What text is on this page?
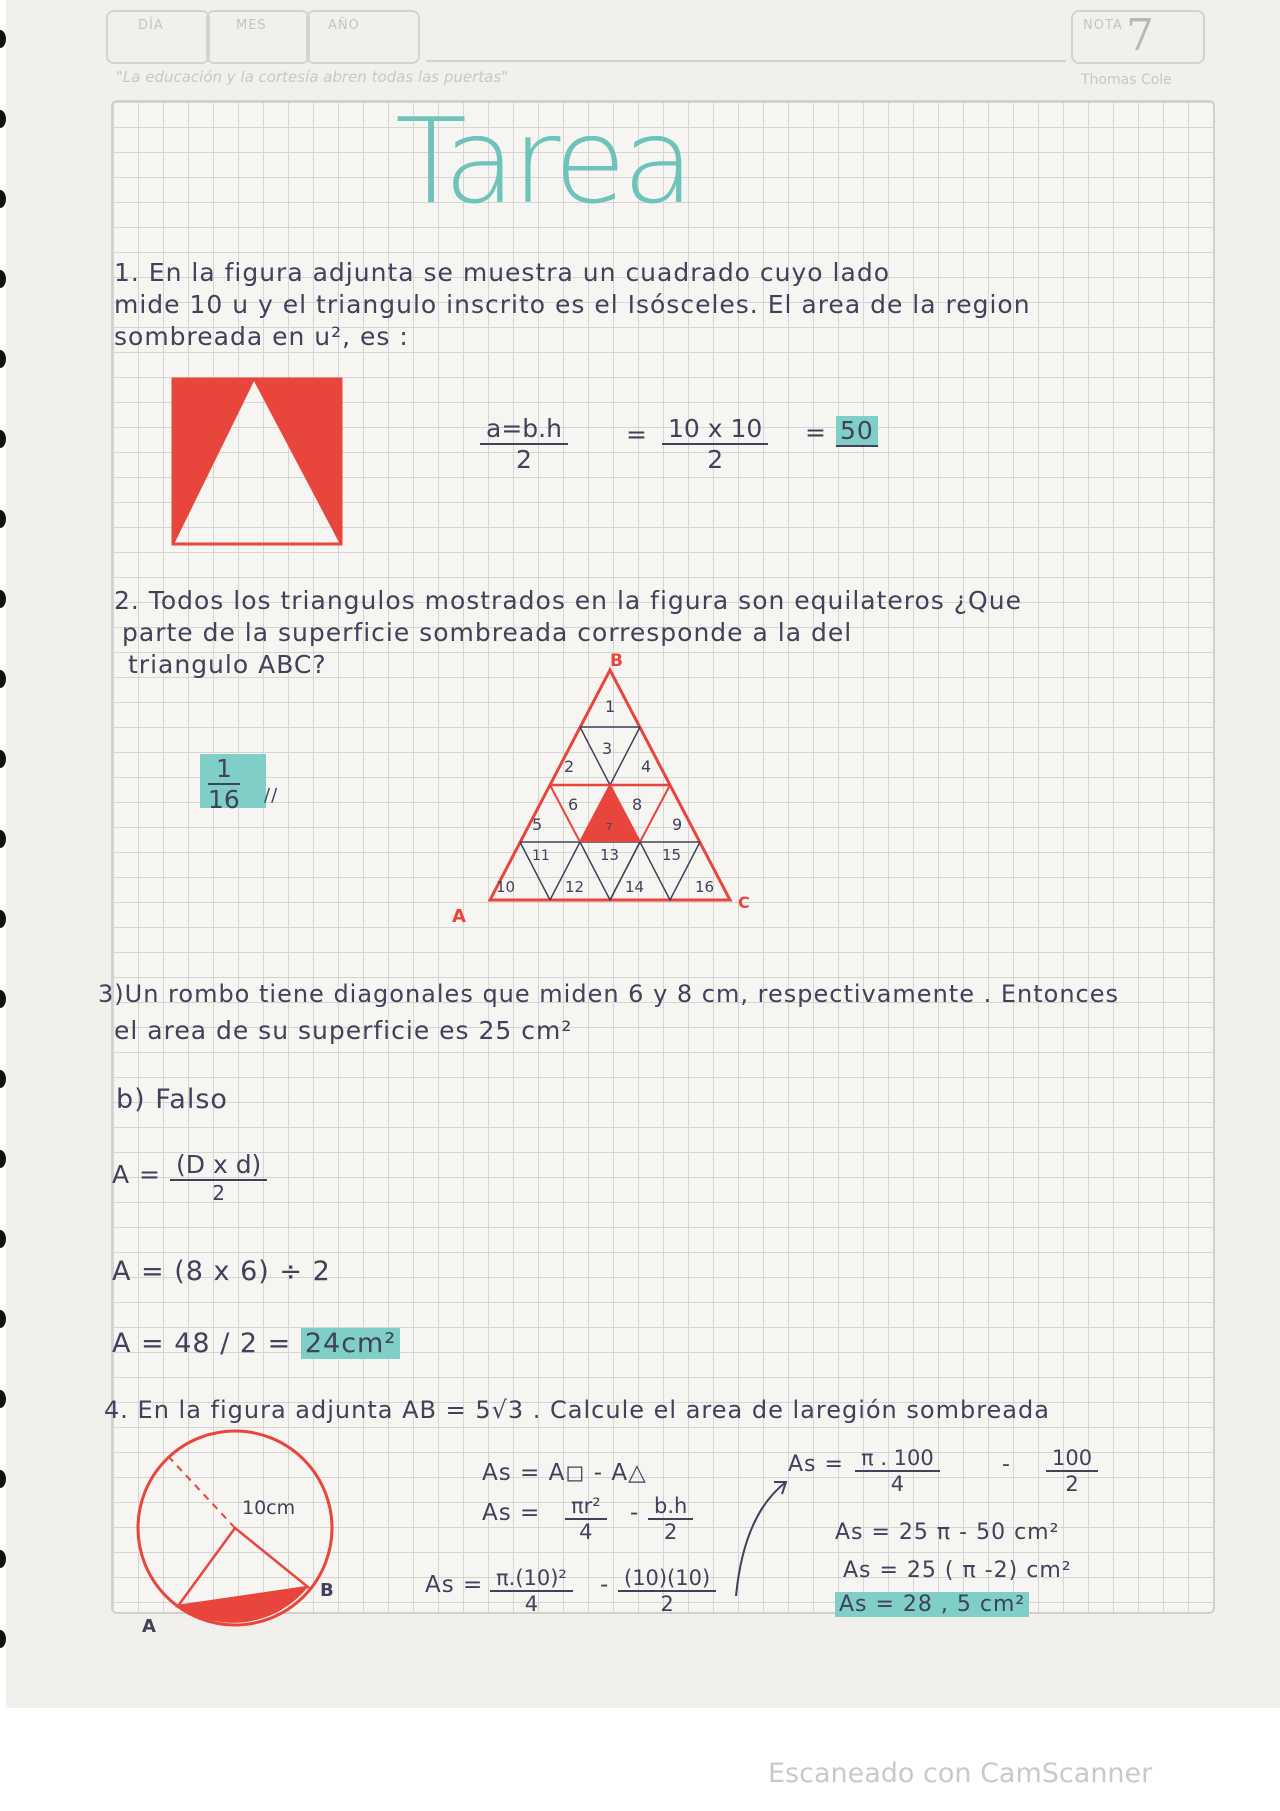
DÍA	MES	AÑO	NOTA 7
"La educación y la cortesía abren todas las puertas"	Thomas Cole
Tarea
1. En la figura adjunta se muestra un cuadrado cuyo lado
mide 10 u y el triangulo inscrito es el Isósceles. El area de la region
sombreada en u², es :
$\frac{a=b.h}{2} = \frac{10 x 10}{2} = 50$
2. Todos los triangulos mostrados en la figura son equilateros ¿Que
parte de la superficie sombreada corresponde a la del
triangulo ABC?
$\frac{1}{16}$ //
1
2
3
4
5
6
7
8
9
10
11
12
13
14
15
16
A
B
C
3)Un rombo tiene diagonales que miden 6 y 8 cm, respectivamente . Entonces
el area de su superficie es 25 cm²
b) Falso
A = (D x d)
2
A = (8 x 6) ÷ 2
A = 48 / 2 = 24cm²
4. En la figura adjunta AB = 5√3 . Calcule el area de laregión sombreada
10cm
A
B
As = A◻ - A△
$As = \frac{\text{πr²}}{4} - \frac{b.h}{2}$
$As = \frac{\text{π.(10)²}}{4} - \frac{(10)(10)}{2}$
$As = \frac{\pi . 100}{4}$	- $\frac{100}{2}$
As = 25 π - 50 cm²
As = 25 ( π -2) cm²
As = 28 , 5 cm²
Escaneado con CamScanner
